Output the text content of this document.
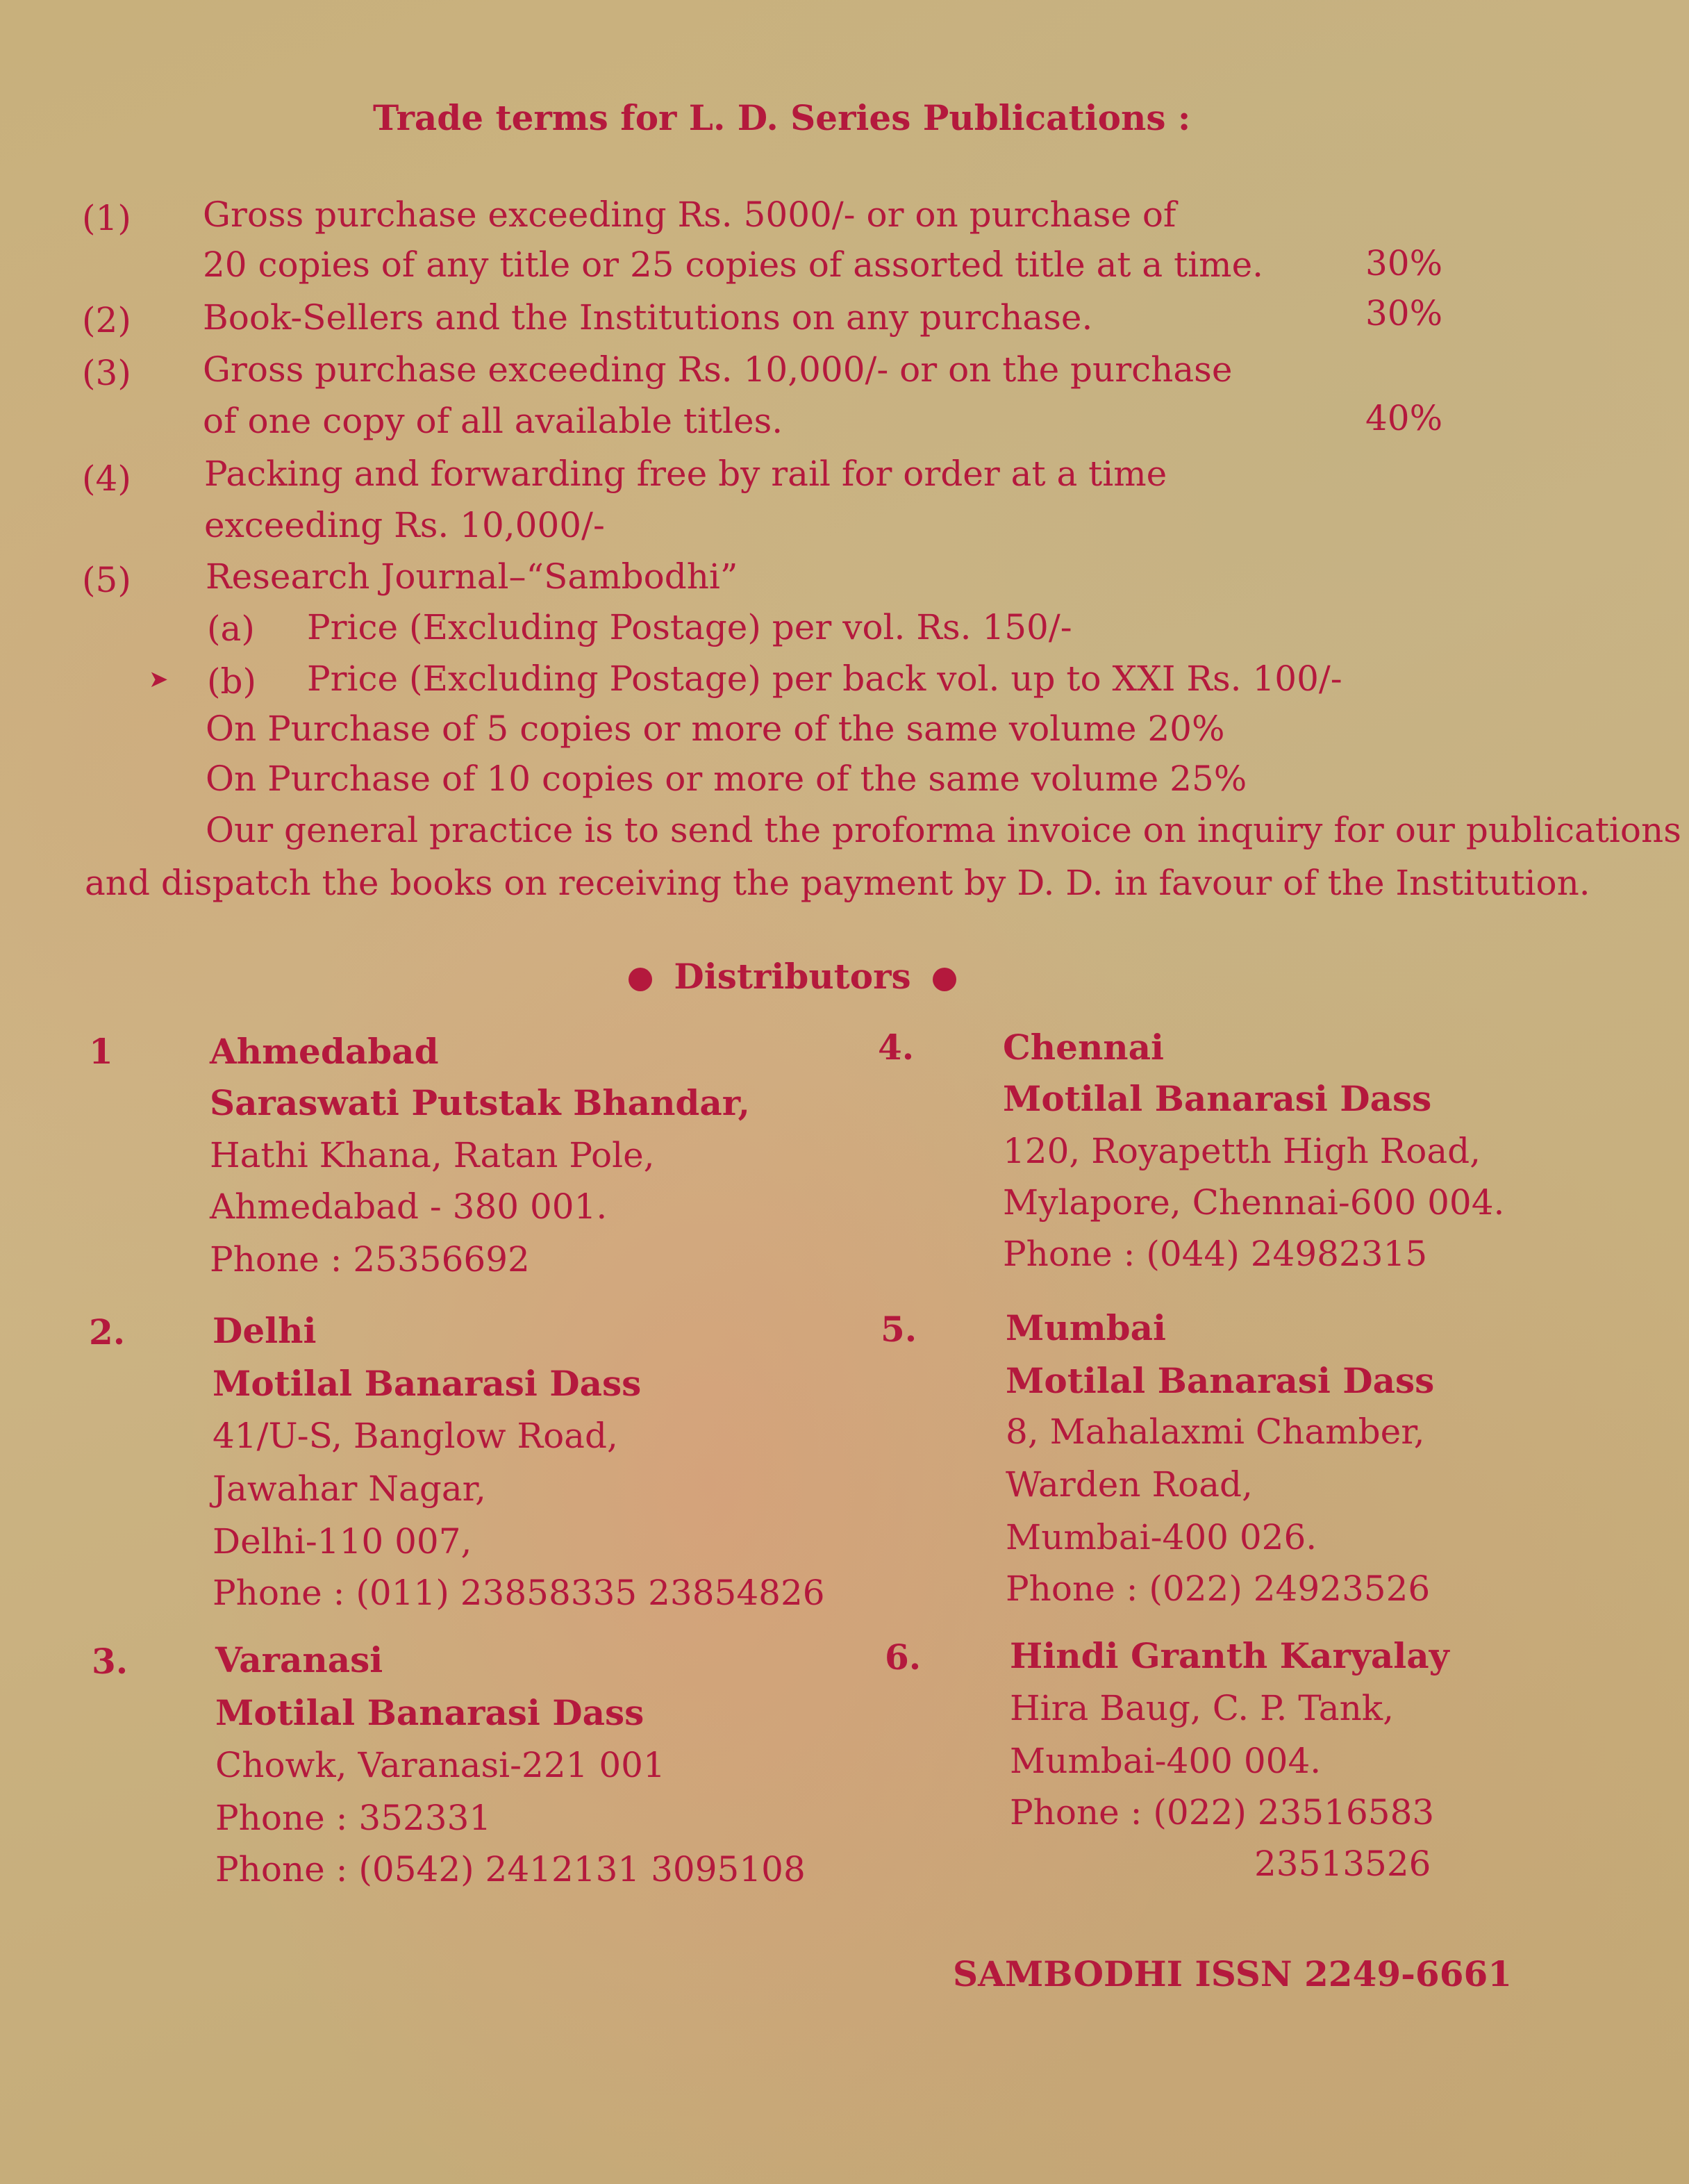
Trade terms for L. D. Series Publications :
(1) Gross purchase exceeding Rs. 5000/- or on purchase of
20 copies of any title or 25 copies of assorted title at a time.	30%
(2) Book-Sellers and the Institutions on any purchase.	30%
(3) Gross purchase exceeding Rs. 10,000/- or on the purchase
of one copy of all available titles.	40%
(4) Packing and forwarding free by rail for order at a time
exceeding Rs. 10,000/-
(5) Research Journal–“Sambodhi”
(a) Price (Excluding Postage) per vol. Rs. 150/-
➤ (b) Price (Excluding Postage) per back vol. up to XXI Rs. 100/-
On Purchase of 5 copies or more of the same volume 20%
On Purchase of 10 copies or more of the same volume 25%
Our general practice is to send the proforma invoice on inquiry for our publications
and dispatch the books on receiving the payment by D. D. in favour of the Institution.
Distributors
1	Ahmedabad
Saraswati Putstak Bhandar,
Hathi Khana, Ratan Pole,
Ahmedabad - 380 001.
Phone : 25356692
2.	Delhi
Motilal Banarasi Dass
41/U-S, Banglow Road,
Jawahar Nagar,
Delhi-110 007,
Phone : (011) 23858335 23854826
3.	Varanasi
Motilal Banarasi Dass
Chowk, Varanasi-221 001
Phone : 352331
Phone : (0542) 2412131 3095108
4.	Chennai
Motilal Banarasi Dass
120, Royapetth High Road,
Mylapore, Chennai-600 004.
Phone : (044) 24982315
5.	Mumbai
Motilal Banarasi Dass
8, Mahalaxmi Chamber,
Warden Road,
Mumbai-400 026.
Phone : (022) 24923526
6.	Hindi Granth Karyalay
Hira Baug, C. P. Tank,
Mumbai-400 004.
Phone : (022) 23516583
23513526
SAMBODHI ISSN 2249-6661
